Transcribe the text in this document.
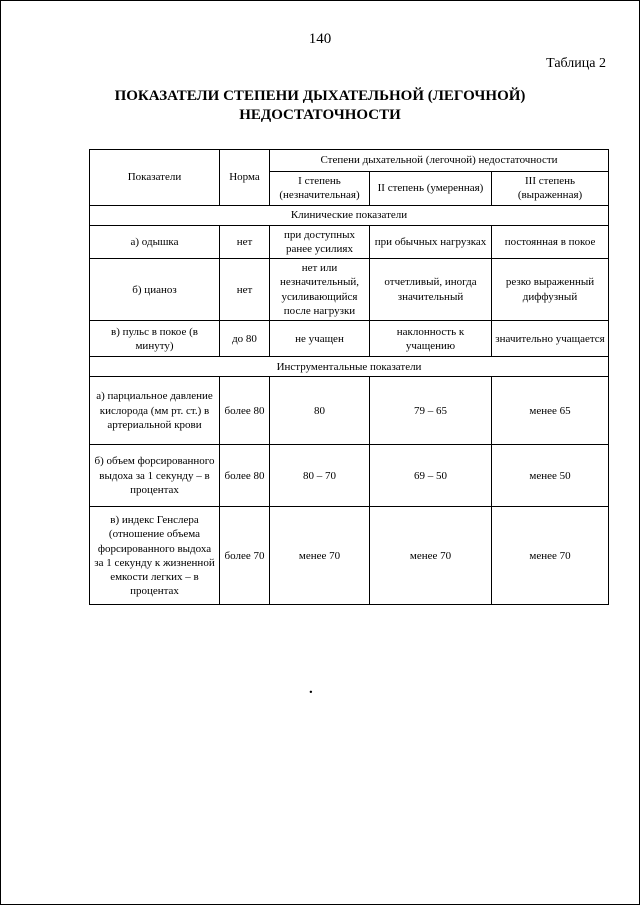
140
Таблица 2
ПОКАЗАТЕЛИ СТЕПЕНИ ДЫХАТЕЛЬНОЙ (ЛЕГОЧНОЙ)
НЕДОСТАТОЧНОСТИ
Показатели	Норма	Степени дыхательной (легочной) недостаточности		
		I степень (незначительная)	II степень (умеренная)	III степень (выраженная)
Клинические показатели				
а) одышка	нет	при доступных ранее усилиях	при обычных нагрузках	постоянная в покое
б) цианоз	нет	нет или незначительный, усиливающийся после нагрузки	отчетливый, иногда значительный	резко выраженный диффузный
в) пульс в покое (в минуту)	до 80	не учащен	наклонность к учащению	значительно учащается
Инструментальные показатели				
а) парциальное давление кислорода (мм рт. ст.) в артериальной крови	более 80	80	79 – 65	менее 65
б) объем форсированного выдоха за 1 секунду – в процентах	более 80	80 – 70	69 – 50	менее 50
в) индекс Генслера (отношение объема форсированного выдоха за 1 секунду к жизненной емкости легких – в процентах	более 70	менее 70	менее 70	менее 70
.
